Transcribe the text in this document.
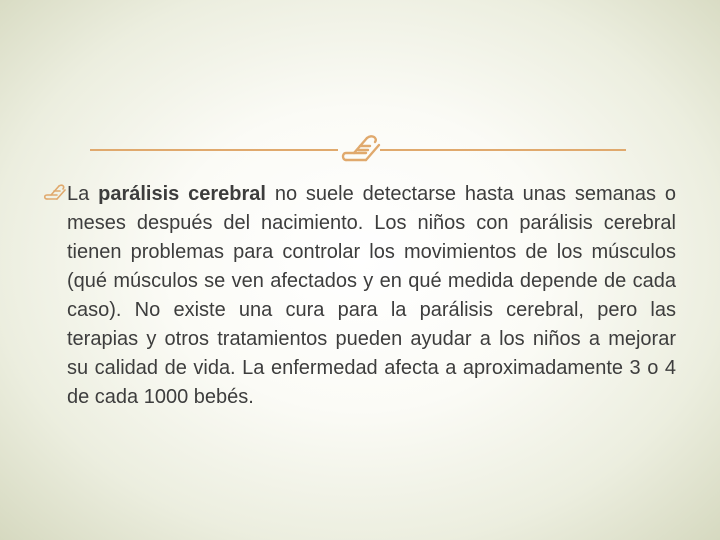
La parálisis cerebral no suele detectarse hasta unas semanas o meses después del nacimiento. Los niños con parálisis cerebral tienen problemas para controlar los movimientos de los músculos (qué músculos se ven afectados y en qué medida depende de cada caso). No existe una cura para la parálisis cerebral, pero las terapias y otros tratamientos pueden ayudar a los niños a mejorar su calidad de vida. La enfermedad afecta a aproximadamente 3 o 4 de cada 1000 bebés.
